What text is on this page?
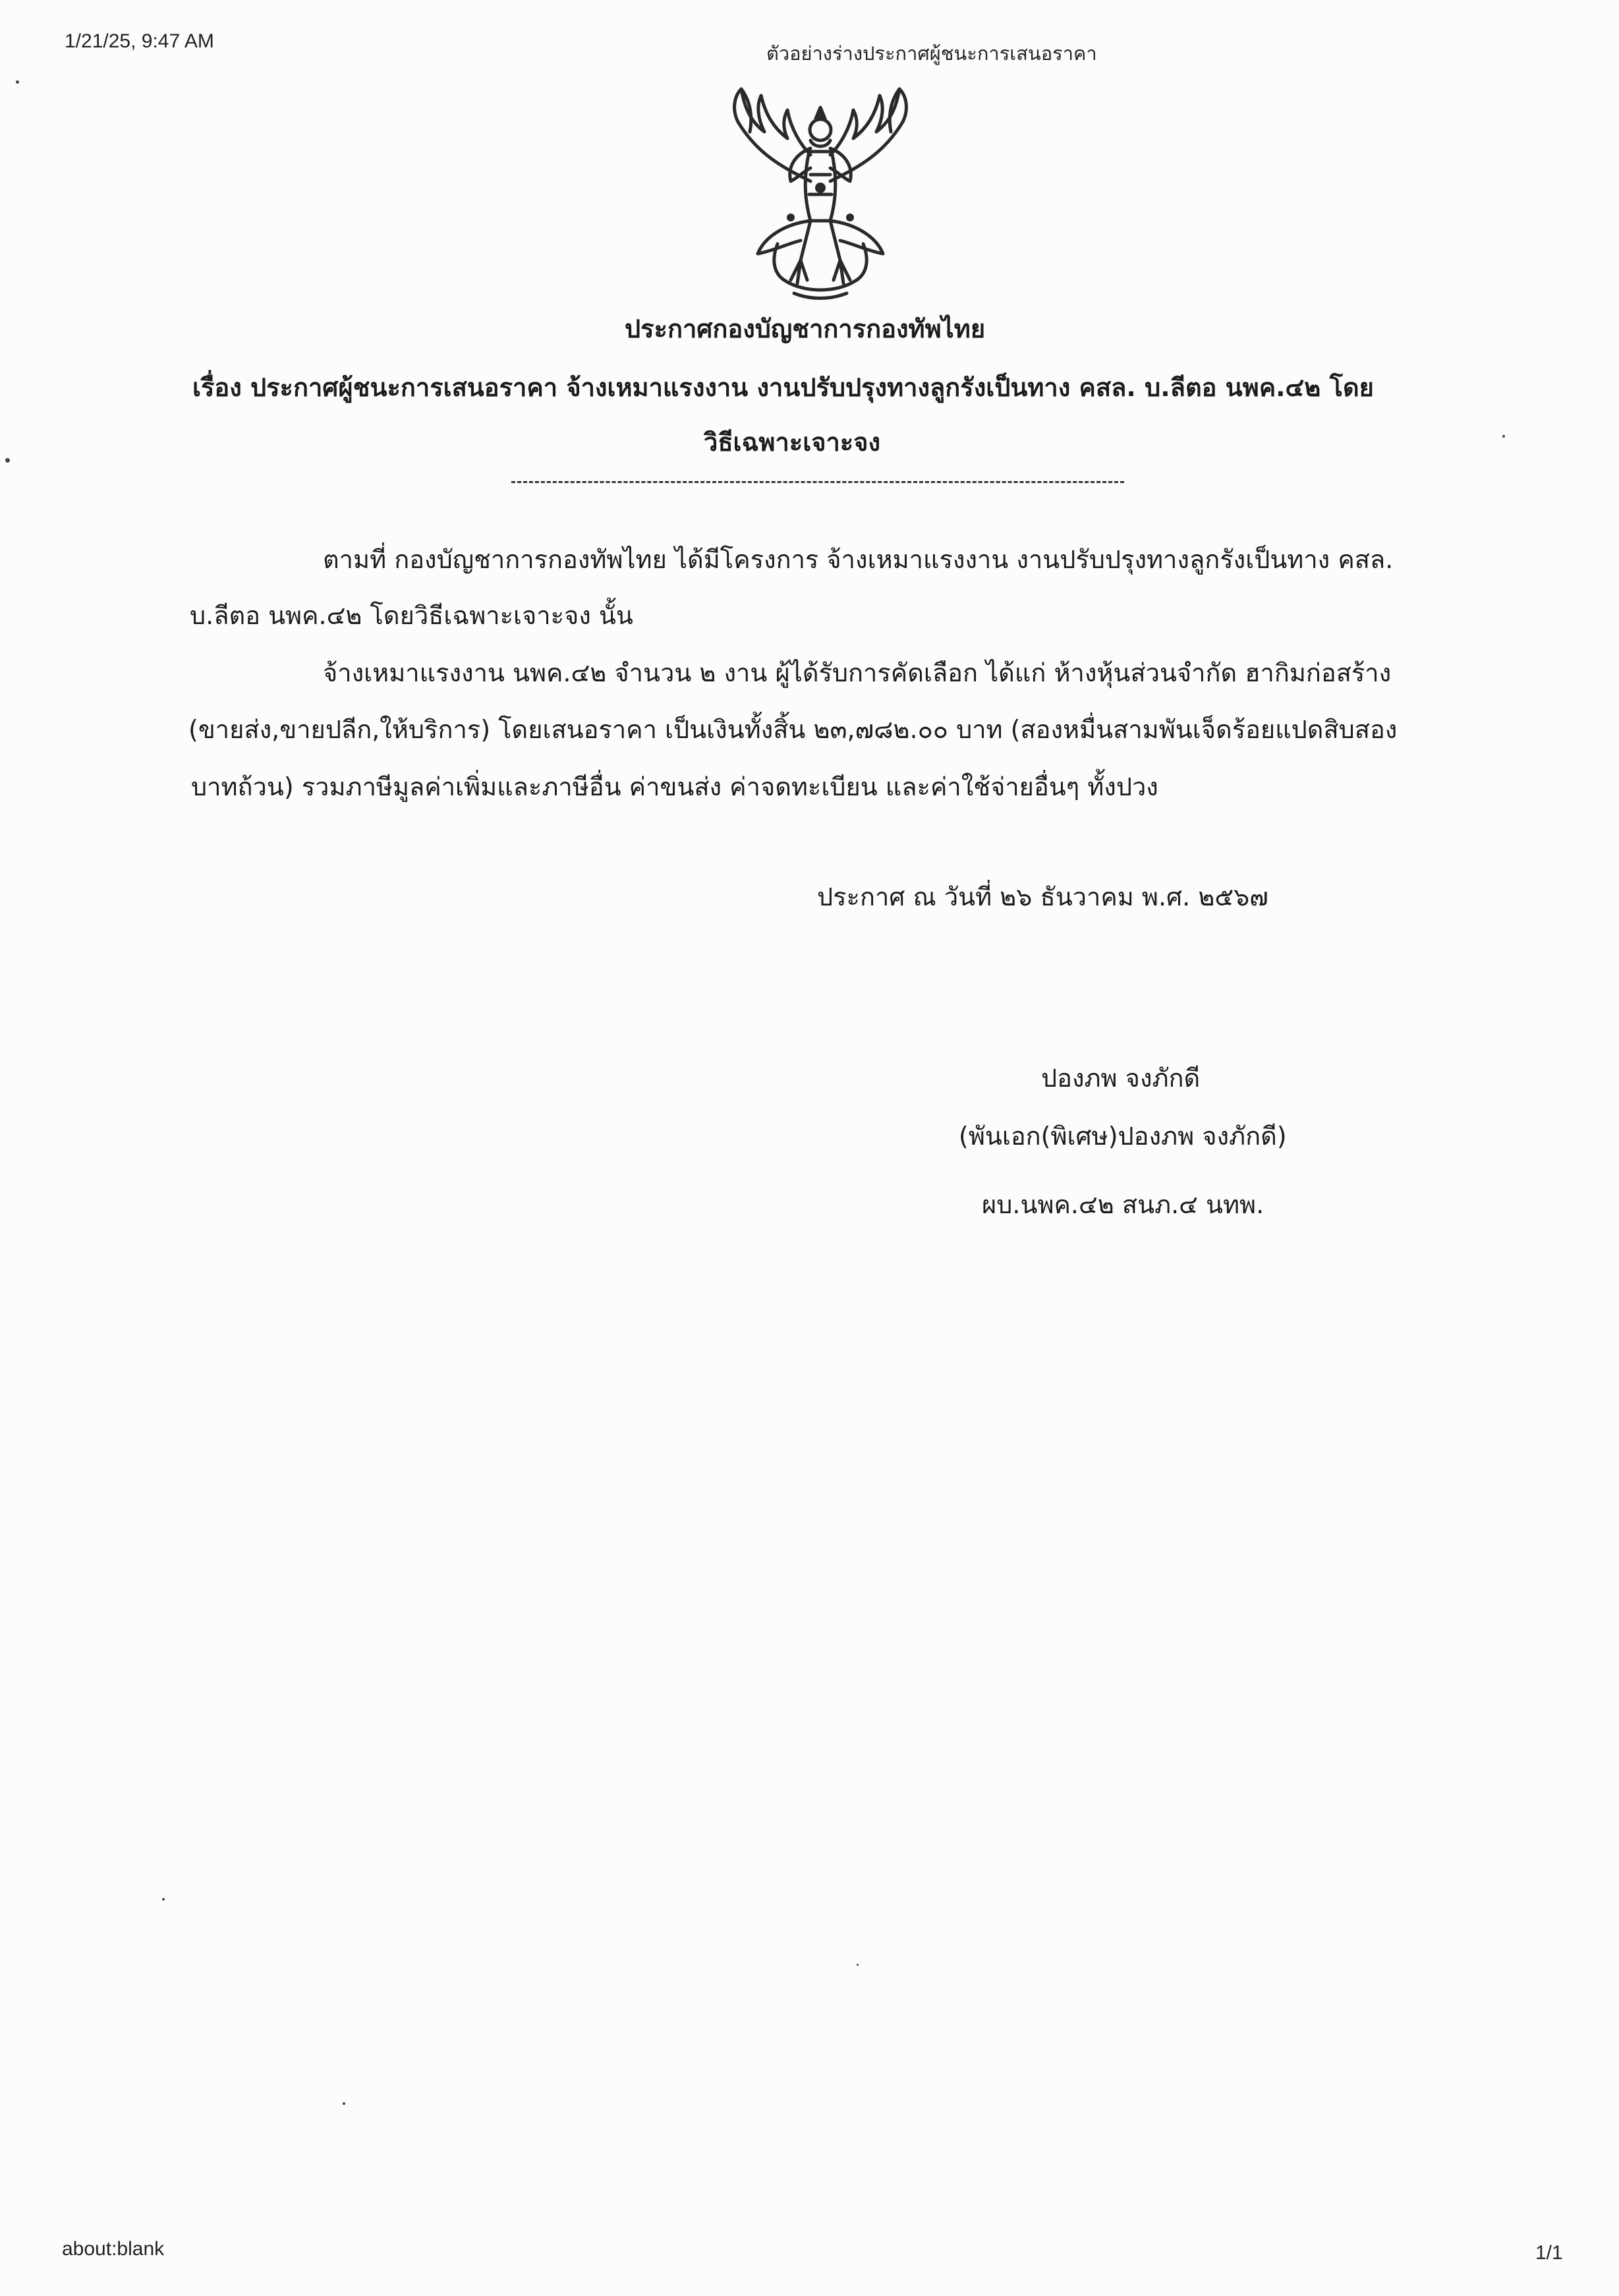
1/21/25, 9:47 AM
ตัวอย่างร่างประกาศผู้ชนะการเสนอราคา
ประกาศกองบัญชาการกองทัพไทย
เรื่อง ประกาศผู้ชนะการเสนอราคา จ้างเหมาแรงงาน งานปรับปรุงทางลูกรังเป็นทาง คสล. บ.ลีตอ นพค.๔๒ โดย
วิธีเฉพาะเจาะจง
ตามที่ กองบัญชาการกองทัพไทย ได้มีโครงการ จ้างเหมาแรงงาน งานปรับปรุงทางลูกรังเป็นทาง คสล.
บ.ลีตอ นพค.๔๒ โดยวิธีเฉพาะเจาะจง นั้น
จ้างเหมาแรงงาน นพค.๔๒ จำนวน ๒ งาน ผู้ได้รับการคัดเลือก ได้แก่ ห้างหุ้นส่วนจำกัด ฮากิมก่อสร้าง
(ขายส่ง,ขายปลีก,ให้บริการ) โดยเสนอราคา เป็นเงินทั้งสิ้น ๒๓,๗๘๒.๐๐ บาท (สองหมื่นสามพันเจ็ดร้อยแปดสิบสอง
บาทถ้วน) รวมภาษีมูลค่าเพิ่มและภาษีอื่น ค่าขนส่ง ค่าจดทะเบียน และค่าใช้จ่ายอื่นๆ ทั้งปวง
ประกาศ ณ วันที่ ๒๖ ธันวาคม พ.ศ. ๒๕๖๗
ปองภพ จงภักดี
(พันเอก(พิเศษ)ปองภพ จงภักดี)
ผบ.นพค.๔๒ สนภ.๔ นทพ.
about:blank	1/1
